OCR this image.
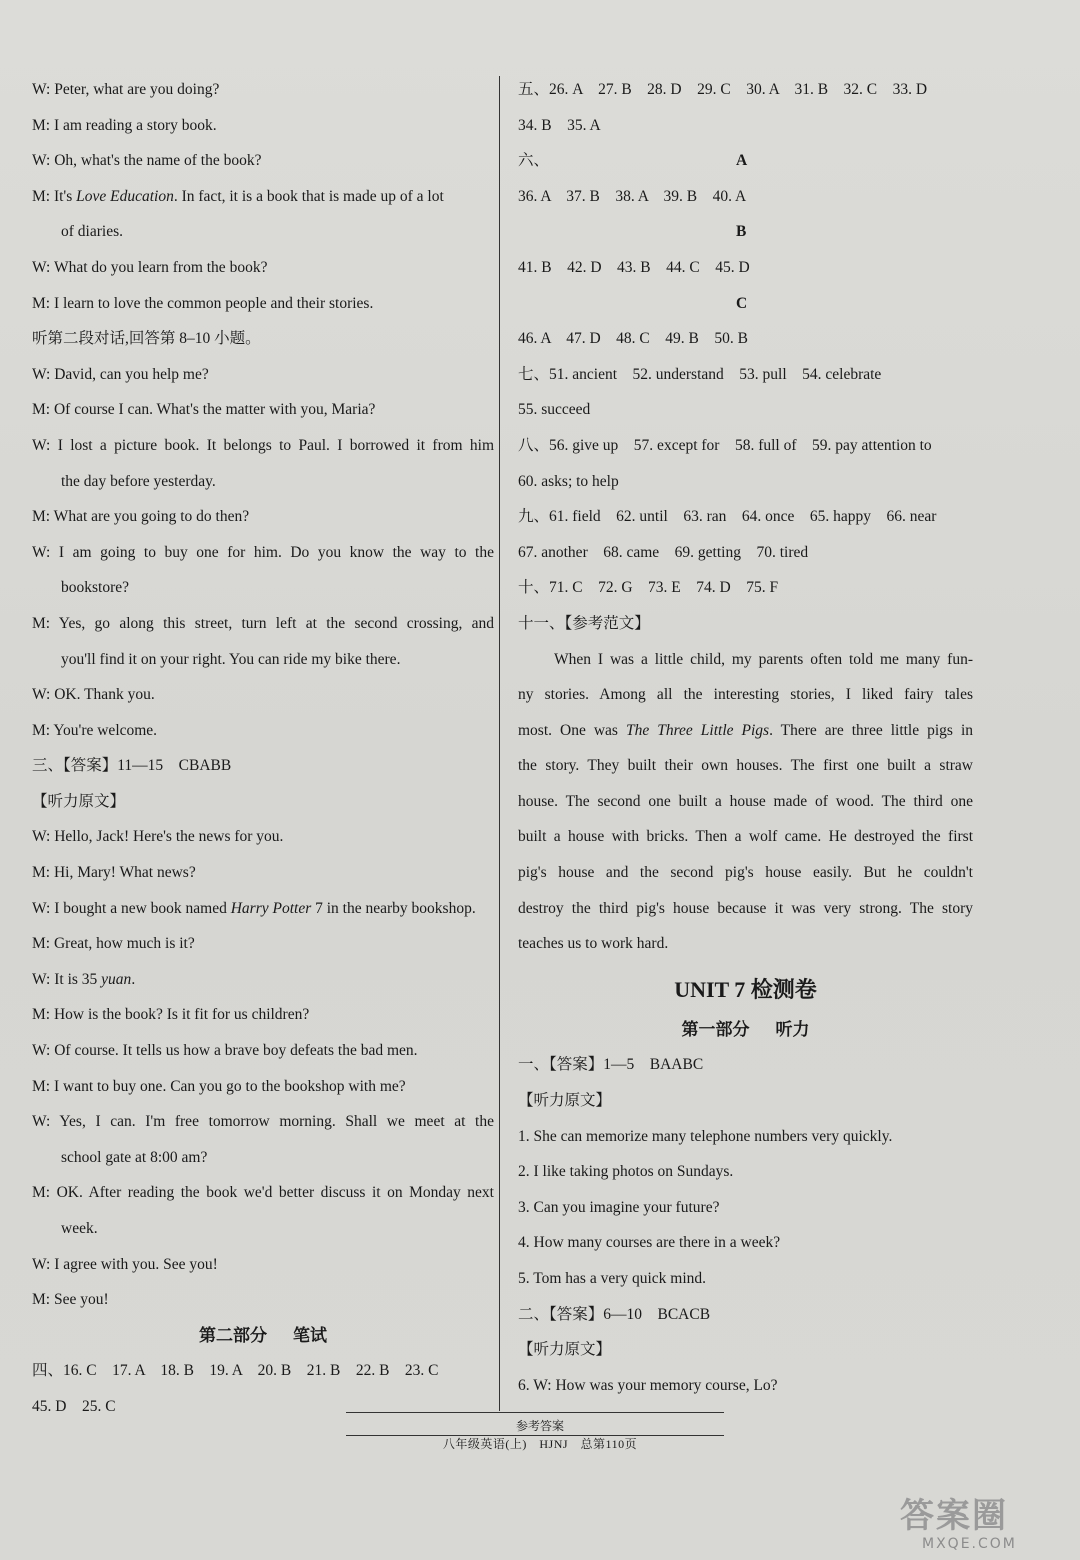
W: Peter, what are you doing?
M: I am reading a story book.
W: Oh, what's the name of the book?
M: It's Love Education. In fact, it is a book that is made up of a lot
of diaries.
W: What do you learn from the book?
M: I learn to love the common people and their stories.
听第二段对话,回答第 8–10 小题。
W: David, can you help me?
M: Of course I can. What's the matter with you, Maria?
W: I lost a picture book. It belongs to Paul. I borrowed it from him
the day before yesterday.
M: What are you going to do then?
W: I am going to buy one for him. Do you know the way to the
bookstore?
M: Yes, go along this street, turn left at the second crossing, and
you'll find it on your right. You can ride my bike there.
W: OK. Thank you.
M: You're welcome.
三、【答案】11—15　CBABB
【听力原文】
W: Hello, Jack! Here's the news for you.
M: Hi, Mary! What news?
W: I bought a new book named Harry Potter 7 in the nearby bookshop.
M: Great, how much is it?
W: It is 35 yuan.
M: How is the book? Is it fit for us children?
W: Of course. It tells us how a brave boy defeats the bad men.
M: I want to buy one. Can you go to the bookshop with me?
W: Yes, I can. I'm free tomorrow morning. Shall we meet at the
school gate at 8:00 am?
M: OK. After reading the book we'd better discuss it on Monday next
week.
W: I agree with you. See you!
M: See you!
第二部分 笔试
四、16. C　17. A　18. B　19. A　20. B　21. B　22. B　23. C
45. D　25. C
五、26. A　27. B　28. D　29. C　30. A　31. B　32. C　33. D
34. B　35. A
六、	A
36. A　37. B　38. A　39. B　40. A
B

41. B　42. D　43. B　44. C　45. D
C

46. A　47. D　48. C　49. B　50. B
七、51. ancient　52. understand　53. pull　54. celebrate
55. succeed
八、56. give up　57. except for　58. full of　59. pay attention to
60. asks; to help
九、61. field　62. until　63. ran　64. once　65. happy　66. near
67. another　68. came　69. getting　70. tired
十、71. C　72. G　73. E　74. D　75. F
十一、【参考范文】
When I was a little child, my parents often told me many fun-
ny stories. Among all the interesting stories, I liked fairy tales
most. One was The Three Little Pigs. There are three little pigs in
the story. They built their own houses. The first one built a straw
house. The second one built a house made of wood. The third one
built a house with bricks. Then a wolf came. He destroyed the first
pig's house and the second pig's house easily. But he couldn't
destroy the third pig's house because it was very strong. The story
teaches us to work hard.
UNIT 7 检测卷
第一部分 听力
一、【答案】1—5　BAABC
【听力原文】
1. She can memorize many telephone numbers very quickly.
2. I like taking photos on Sundays.
3. Can you imagine your future?
4. How many courses are there in a week?
5. Tom has a very quick mind.
二、【答案】6—10　BCACB
【听力原文】
6. W: How was your memory course, Lo?
参考答案
八年级英语(上)　HJNJ　总第110页
答案圈
MXQE.COM
